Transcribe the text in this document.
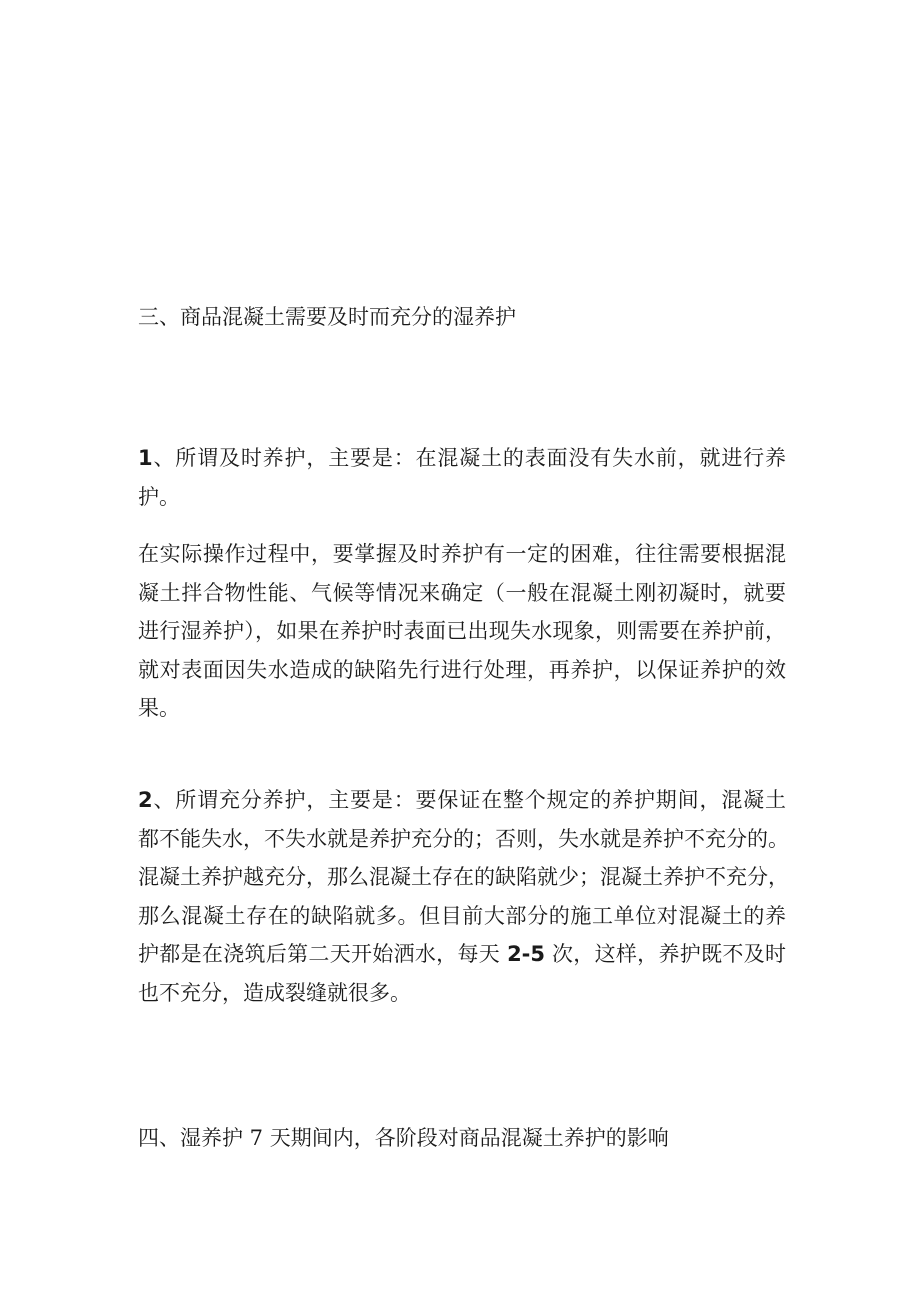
三、商品混凝土需要及时而充分的湿养护
1、所谓及时养护，主要是：在混凝土的表面没有失水前，就进行养
护。
在实际操作过程中，要掌握及时养护有一定的困难，往往需要根据混
凝土拌合物性能、气候等情况来确定（一般在混凝土刚初凝时，就要
进行湿养护），如果在养护时表面已出现失水现象，则需要在养护前，
就对表面因失水造成的缺陷先行进行处理，再养护，以保证养护的效
果。
2、所谓充分养护，主要是：要保证在整个规定的养护期间，混凝土
都不能失水，不失水就是养护充分的；否则，失水就是养护不充分的。
混凝土养护越充分，那么混凝土存在的缺陷就少；混凝土养护不充分，
那么混凝土存在的缺陷就多。但目前大部分的施工单位对混凝土的养
护都是在浇筑后第二天开始洒水，每天 2-5 次，这样，养护既不及时
也不充分，造成裂缝就很多。
四、湿养护 7 天期间内，各阶段对商品混凝土养护的影响
